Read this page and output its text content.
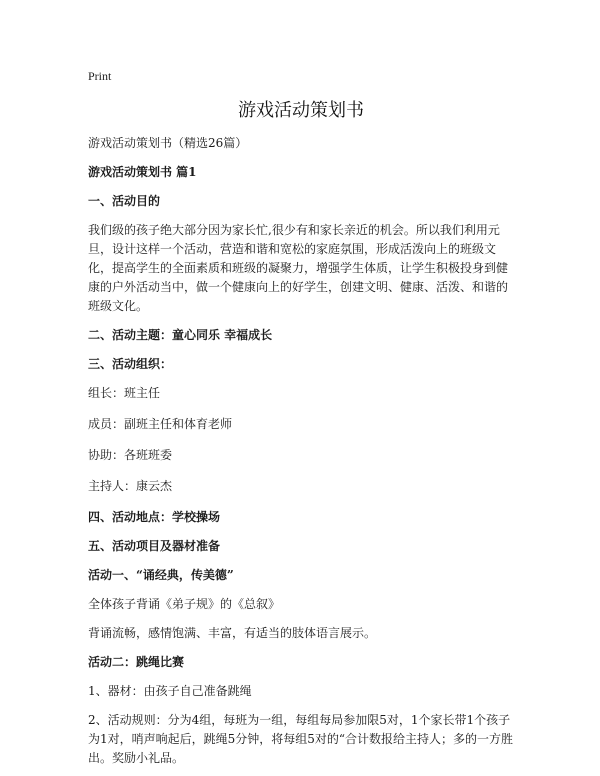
Print
游戏活动策划书

游戏活动策划书（精选26篇）

游戏活动策划书 篇1

一、活动目的

我们级的孩子绝大部分因为家长忙,很少有和家长亲近的机会。所以我们利用元旦，设计这样一个活动，营造和谐和宽松的家庭氛围，形成活泼向上的班级文化，提高学生的全面素质和班级的凝聚力，增强学生体质，让学生积极投身到健康的户外活动当中，做一个健康向上的好学生，创建文明、健康、活泼、和谐的班级文化。

二、活动主题：童心同乐 幸福成长

三、活动组织：

组长：班主任

成员：副班主任和体育老师

协助：各班班委

主持人：康云杰

四、活动地点：学校操场

五、活动项目及器材准备

活动一、“诵经典，传美德”

全体孩子背诵《弟子规》的《总叙》

背诵流畅，感情饱满、丰富，有适当的肢体语言展示。

活动二：跳绳比赛

1、器材：由孩子自己准备跳绳

2、活动规则：分为4组，每班为一组，每组每局参加限5对，1个家长带1个孩子为1对，哨声响起后，跳绳5分钟，将每组5对的“合计数报给主持人；多的一方胜出。奖励小礼品。
